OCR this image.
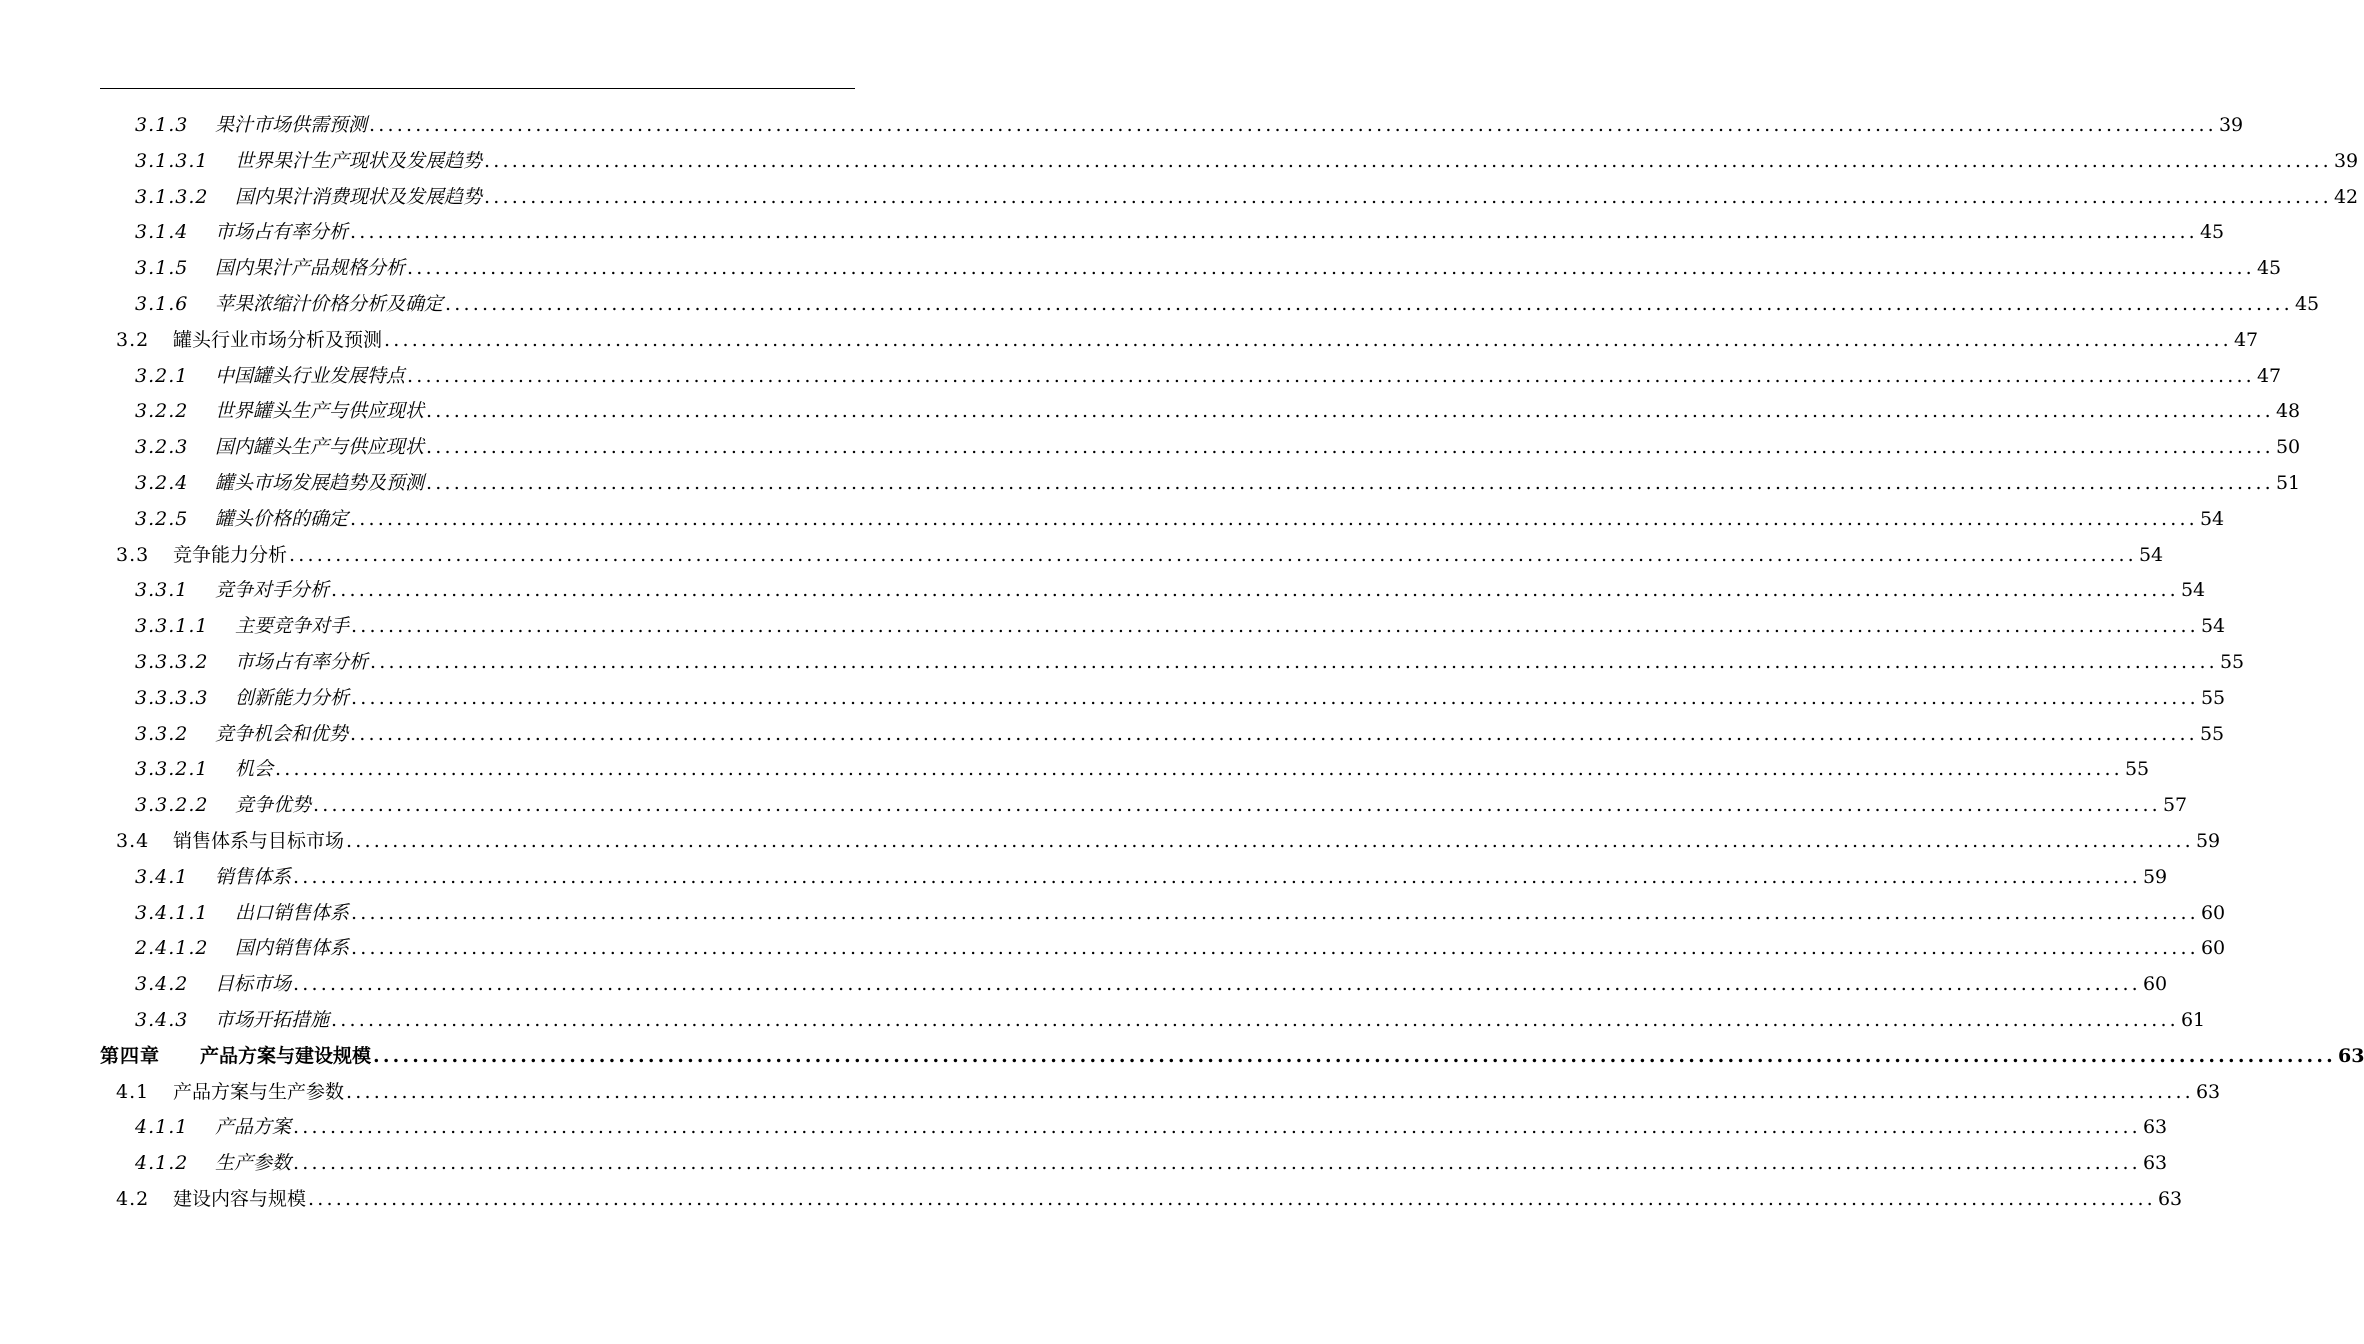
3.1.3	果汁市场供需预测 ........................................................................................................................................................................................................ 39
3.1.3.1	世界果汁生产现状及发展趋势 ........................................................................................................................................................................................................ 39
3.1.3.2	国内果汁消费现状及发展趋势 ........................................................................................................................................................................................................ 42
3.1.4	市场占有率分析 ........................................................................................................................................................................................................ 45
3.1.5	国内果汁产品规格分析 ........................................................................................................................................................................................................ 45
3.1.6	苹果浓缩汁价格分析及确定 ........................................................................................................................................................................................................ 45
3.2	罐头行业市场分析及预测 ........................................................................................................................................................................................................ 47
3.2.1	中国罐头行业发展特点 ........................................................................................................................................................................................................ 47
3.2.2	世界罐头生产与供应现状 ........................................................................................................................................................................................................ 48
3.2.3	国内罐头生产与供应现状 ........................................................................................................................................................................................................ 50
3.2.4	罐头市场发展趋势及预测 ........................................................................................................................................................................................................ 51
3.2.5	罐头价格的确定 ........................................................................................................................................................................................................ 54
3.3	竞争能力分析 ........................................................................................................................................................................................................ 54
3.3.1	竞争对手分析 ........................................................................................................................................................................................................ 54
3.3.1.1	主要竞争对手 ........................................................................................................................................................................................................ 54
3.3.3.2	市场占有率分析 ........................................................................................................................................................................................................ 55
3.3.3.3	创新能力分析 ........................................................................................................................................................................................................ 55
3.3.2	竞争机会和优势 ........................................................................................................................................................................................................ 55
3.3.2.1	机会 ........................................................................................................................................................................................................ 55
3.3.2.2	竞争优势 ........................................................................................................................................................................................................ 57
3.4	销售体系与目标市场 ........................................................................................................................................................................................................ 59
3.4.1	销售体系 ........................................................................................................................................................................................................ 59
3.4.1.1	出口销售体系 ........................................................................................................................................................................................................ 60
2.4.1.2	国内销售体系 ........................................................................................................................................................................................................ 60
3.4.2	目标市场 ........................................................................................................................................................................................................ 60
3.4.3	市场开拓措施 ........................................................................................................................................................................................................ 61
第四章	产品方案与建设规模 ........................................................................................................................................................................................................ 63
4.1	产品方案与生产参数 ........................................................................................................................................................................................................ 63
4.1.1	产品方案 ........................................................................................................................................................................................................ 63
4.1.2	生产参数 ........................................................................................................................................................................................................ 63
4.2	建设内容与规模 ........................................................................................................................................................................................................ 63
